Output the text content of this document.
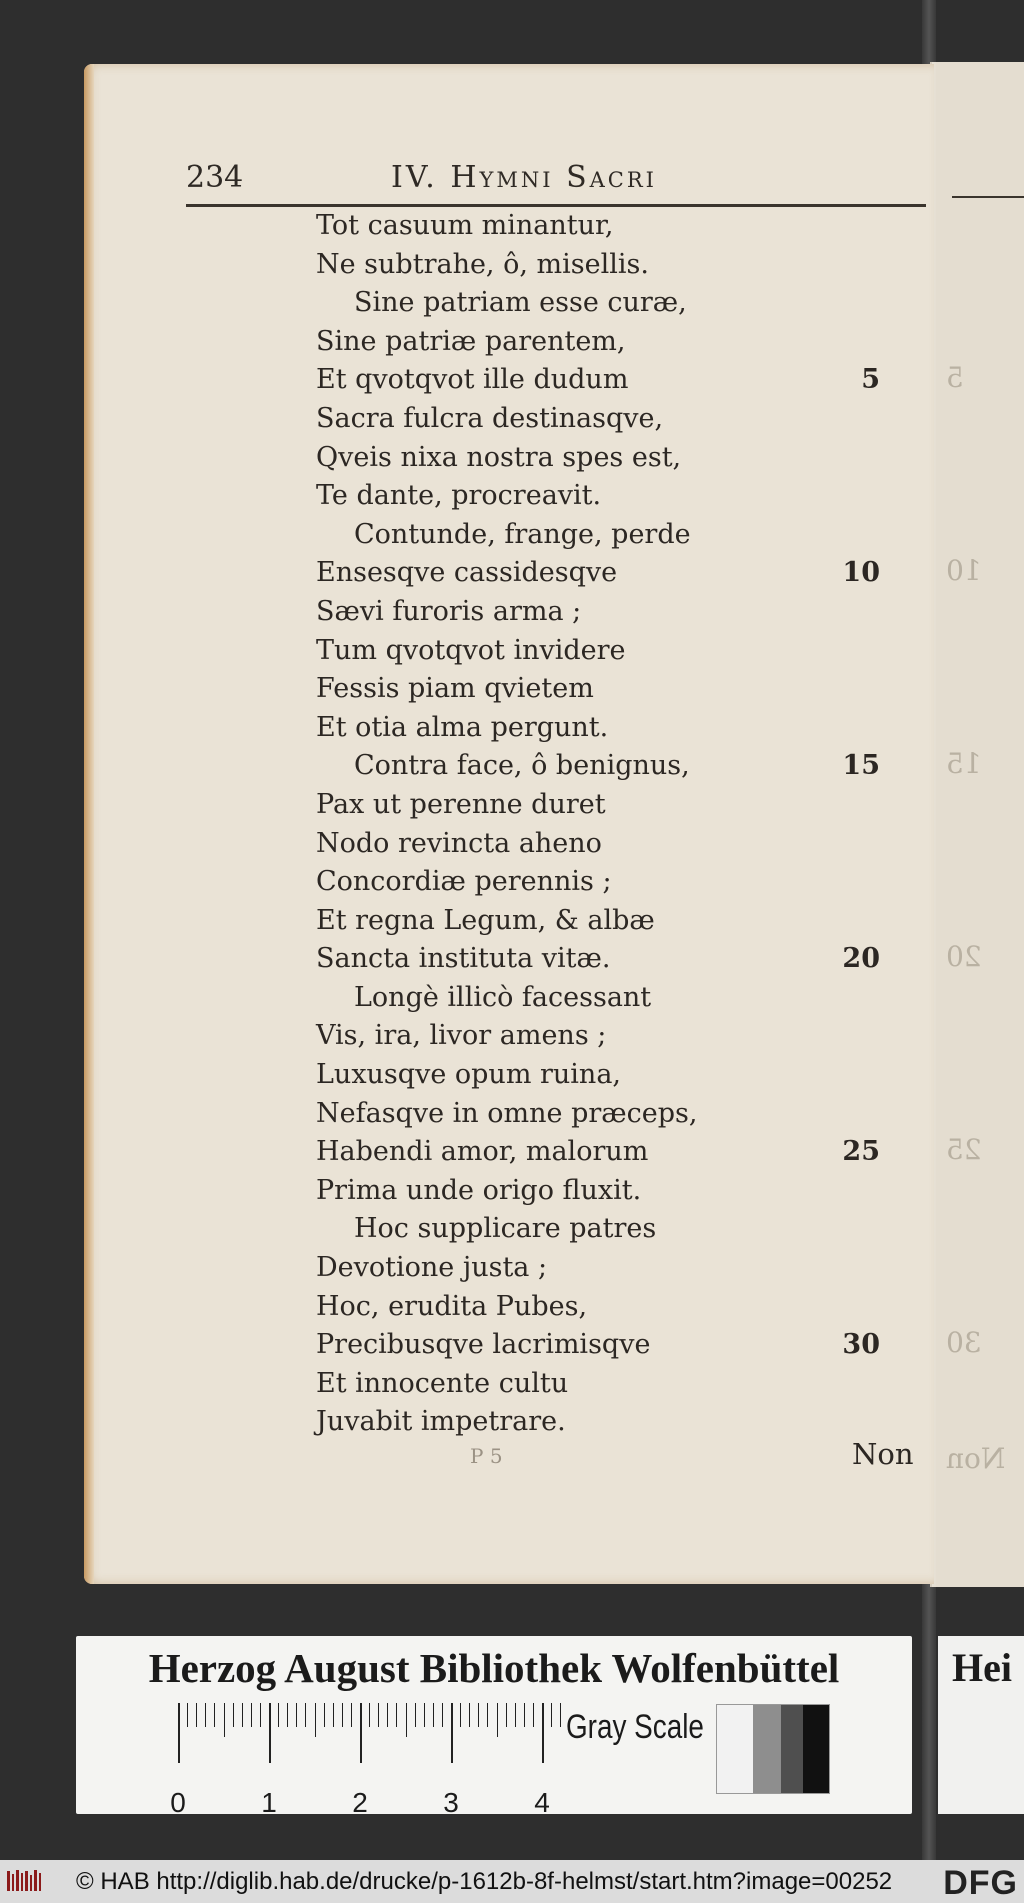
5
10
15
20
25
30
Non
234	IV. Hymni Sacri
Tot casuum minantur,
Ne subtrahe, ô, misellis.
Sine patriam esse curæ,
Sine patriæ parentem,
Et qvotqvot ille dudum
Sacra fulcra destinasqve,
Qveis nixa nostra spes est,
Te dante, procreavit.
Contunde, frange, perde
Ensesqve cassidesqve
Sævi furoris arma ;
Tum qvotqvot invidere
Fessis piam qvietem
Et otia alma pergunt.
Contra face, ô benignus,
Pax ut perenne duret
Nodo revincta aheno
Concordiæ perennis ;
Et regna Legum, & albæ
Sancta instituta vitæ.
Longè illicò facessant
Vis, ira, livor amens ;
Luxusqve opum ruina,
Nefasqve in omne præceps,
Habendi amor, malorum
Prima unde origo fluxit.
Hoc supplicare patres
Devotione justa ;
Hoc, erudita Pubes,
Precibusqve lacrimisqve
Et innocente cultu
Juvabit impetrare.
5
10
15
20
25
30
P 5	Non
Herzog August Bibliothek Wolfenbüttel
0	1	2	3	4
Gray Scale
Hei
© HAB http://diglib.hab.de/drucke/p-1612b-8f-helmst/start.htm?image=00252 DFG
